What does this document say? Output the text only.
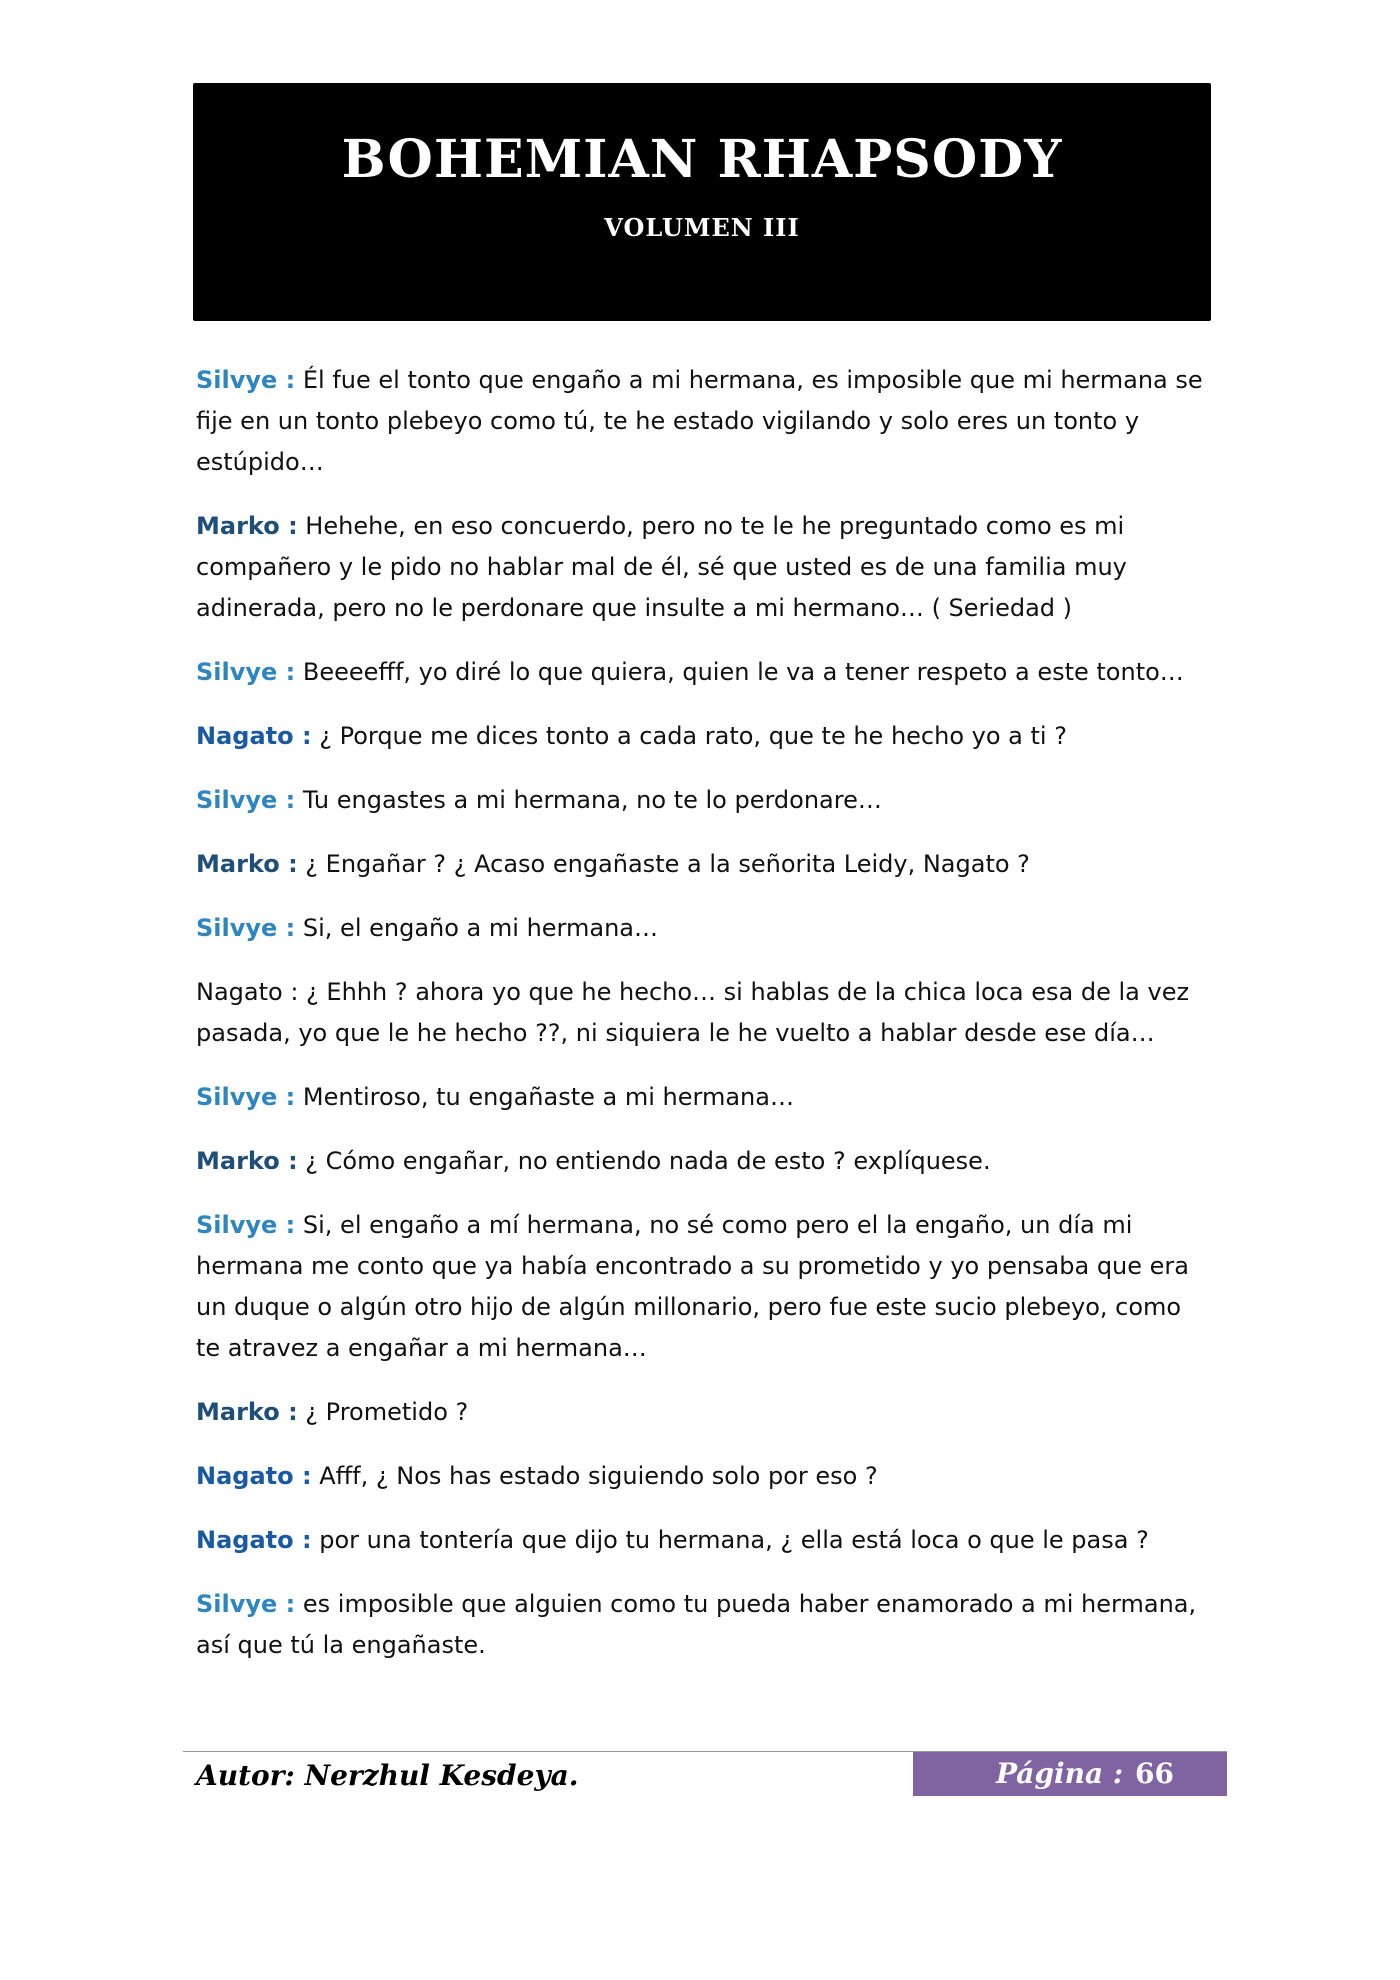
BOHEMIAN RHAPSODY

VOLUMEN III

Silvye : Él fue el tonto que engaño a mi hermana, es imposible que mi hermana se fije en un tonto plebeyo como tú, te he estado vigilando y solo eres un tonto y estúpido…

Marko : Hehehe, en eso concuerdo, pero no te le he preguntado como es mi compañero y le pido no hablar mal de él, sé que usted es de una familia muy adinerada, pero no le perdonare que insulte a mi hermano… ( Seriedad )

Silvye : Beeeefff, yo diré lo que quiera, quien le va a tener respeto a este tonto…

Nagato : ¿ Porque me dices tonto a cada rato, que te he hecho yo a ti ?

Silvye : Tu engastes a mi hermana, no te lo perdonare…

Marko : ¿ Engañar ? ¿ Acaso engañaste a la señorita Leidy, Nagato ?

Silvye : Si, el engaño a mi hermana…

Nagato : ¿ Ehhh ? ahora yo que he hecho… si hablas de la chica loca esa de la vez pasada, yo que le he hecho ??, ni siquiera le he vuelto a hablar desde ese día…

Silvye : Mentiroso, tu engañaste a mi hermana…

Marko : ¿ Cómo engañar, no entiendo nada de esto ? explíquese.

Silvye : Si, el engaño a mí hermana, no sé como pero el la engaño, un día mi hermana me conto que ya había encontrado a su prometido y yo pensaba que era un duque o algún otro hijo de algún millonario, pero fue este sucio plebeyo, como te atravez a engañar a mi hermana…

Marko : ¿ Prometido ?

Nagato : Afff, ¿ Nos has estado siguiendo solo por eso ?

Nagato : por una tontería que dijo tu hermana, ¿ ella está loca o que le pasa ?

Silvye : es imposible que alguien como tu pueda haber enamorado a mi hermana, así que tú la engañaste.

Autor: Nerzhul Kesdeya.	Página : 66
